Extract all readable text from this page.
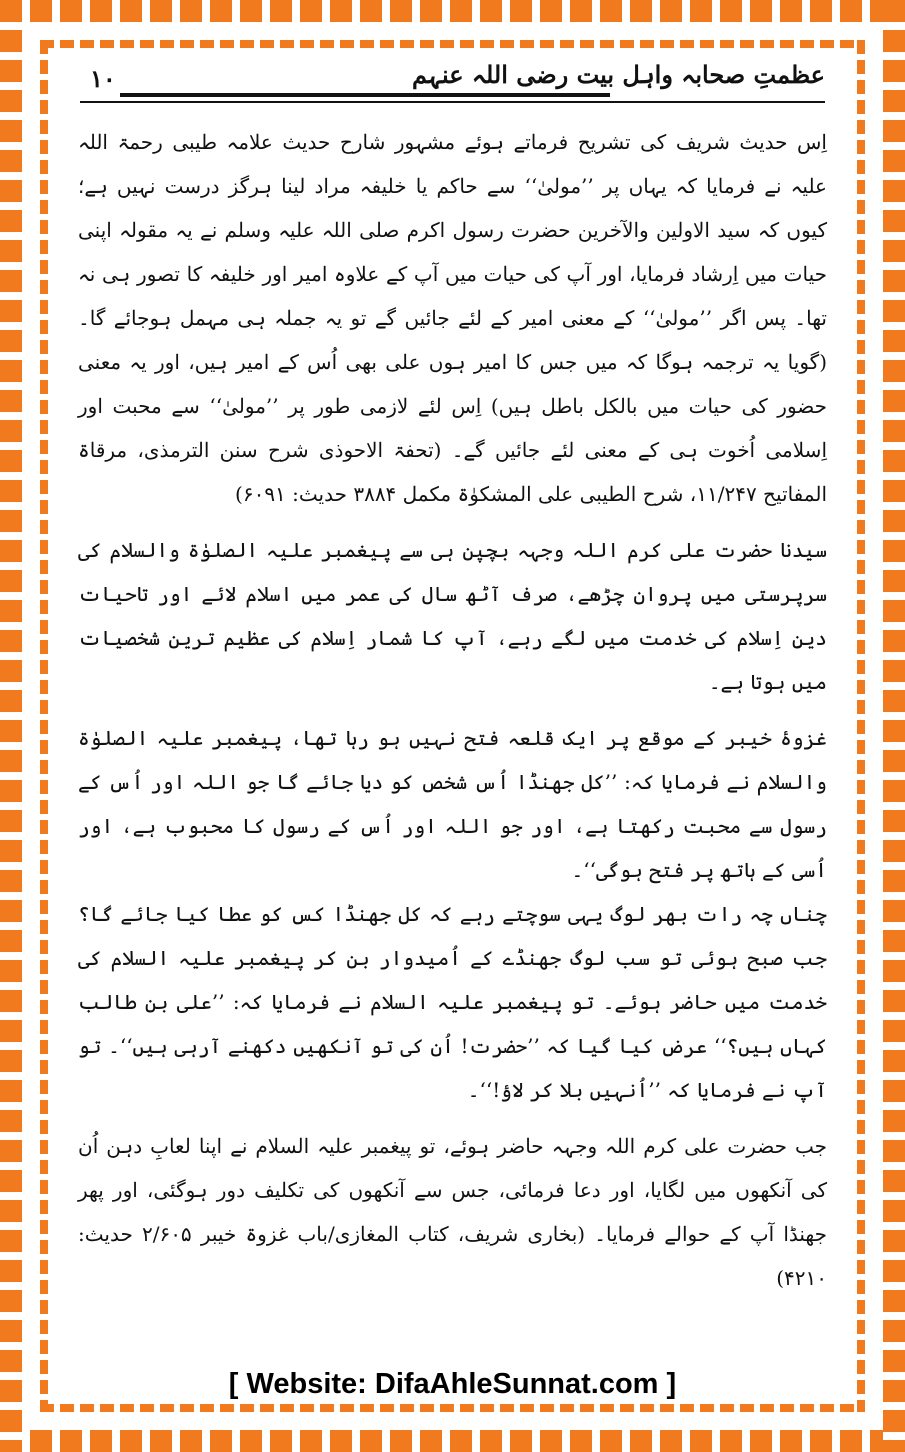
١٠	عظمتِ صحابہ واہل بیت رضی اللہ عنہم

اِس حدیث شریف کی تشریح فرماتے ہوئے مشہور شارح حدیث علامہ طیبی رحمۃ اللہ علیہ نے فرمایا کہ یہاں پر ’’مولیٰ‘‘ سے حاکم یا خلیفہ مراد لینا ہرگز درست نہیں ہے؛ کیوں کہ سید الاولین والآخرین حضرت رسول اکرم صلی اللہ علیہ وسلم نے یہ مقولہ اپنی حیات میں اِرشاد فرمایا، اور آپ کی حیات میں آپ کے علاوہ امیر اور خلیفہ کا تصور ہی نہ تھا۔ پس اگر ’’مولیٰ‘‘ کے معنی امیر کے لئے جائیں گے تو یہ جملہ ہی مہمل ہوجائے گا۔ (گویا یہ ترجمہ ہوگا کہ میں جس کا امیر ہوں علی بھی اُس کے امیر ہیں، اور یہ معنی حضور کی حیات میں بالکل باطل ہیں) اِس لئے لازمی طور پر ’’مولیٰ‘‘ سے محبت اور اِسلامی اُخوت ہی کے معنی لئے جائیں گے۔ (تحفۃ الاحوذی شرح سنن الترمذی، مرقاۃ المفاتیح ۱۱/۲۴۷، شرح الطیبی علی المشکوٰۃ مکمل ۳۸۸۴ حدیث: ۶۰۹۱)

سیدنا حضرت علی کرم اللہ وجہہ بچپن ہی سے پیغمبر علیہ الصلوٰۃ والسلام کی سرپرستی میں پروان چڑھے، صرف آٹھ سال کی عمر میں اسلام لائے اور تاحیات دینِ اِسلام کی خدمت میں لگے رہے، آپ کا شمار اِسلام کی عظیم ترین شخصیات میں ہوتا ہے۔

غزوۂ خیبر کے موقع پر ایک قلعہ فتح نہیں ہو رہا تھا، پیغمبر علیہ الصلوٰۃ والسلام نے فرمایا کہ: ’’کل جھنڈا اُس شخص کو دیا جائے گا جو اللہ اور اُس کے رسول سے محبت رکھتا ہے، اور جو اللہ اور اُس کے رسول کا محبوب ہے، اور اُسی کے ہاتھ پر فتح ہوگی‘‘۔

چناں چہ رات بھر لوگ یہی سوچتے رہے کہ کل جھنڈا کس کو عطا کیا جائے گا؟ جب صبح ہوئی تو سب لوگ جھنڈے کے اُمیدوار بن کر پیغمبر علیہ السلام کی خدمت میں حاضر ہوئے۔ تو پیغمبر علیہ السلام نے فرمایا کہ: ’’علی بن طالب کہاں ہیں؟‘‘ عرض کیا گیا کہ ’’حضرت! اُن کی تو آنکھیں دکھنے آرہی ہیں‘‘۔ تو آپ نے فرمایا کہ ’’اُنہیں بلا کر لاؤ!‘‘۔

جب حضرت علی کرم اللہ وجہہ حاضر ہوئے، تو پیغمبر علیہ السلام نے اپنا لعابِ دہن اُن کی آنکھوں میں لگایا، اور دعا فرمائی، جس سے آنکھوں کی تکلیف دور ہوگئی، اور پھر جھنڈا آپ کے حوالے فرمایا۔ (بخاری شریف، کتاب المغازی/باب غزوۃ خیبر ۲/۶۰۵ حدیث: ۴۲۱۰)

[ Website: DifaAhleSunnat.com ]
